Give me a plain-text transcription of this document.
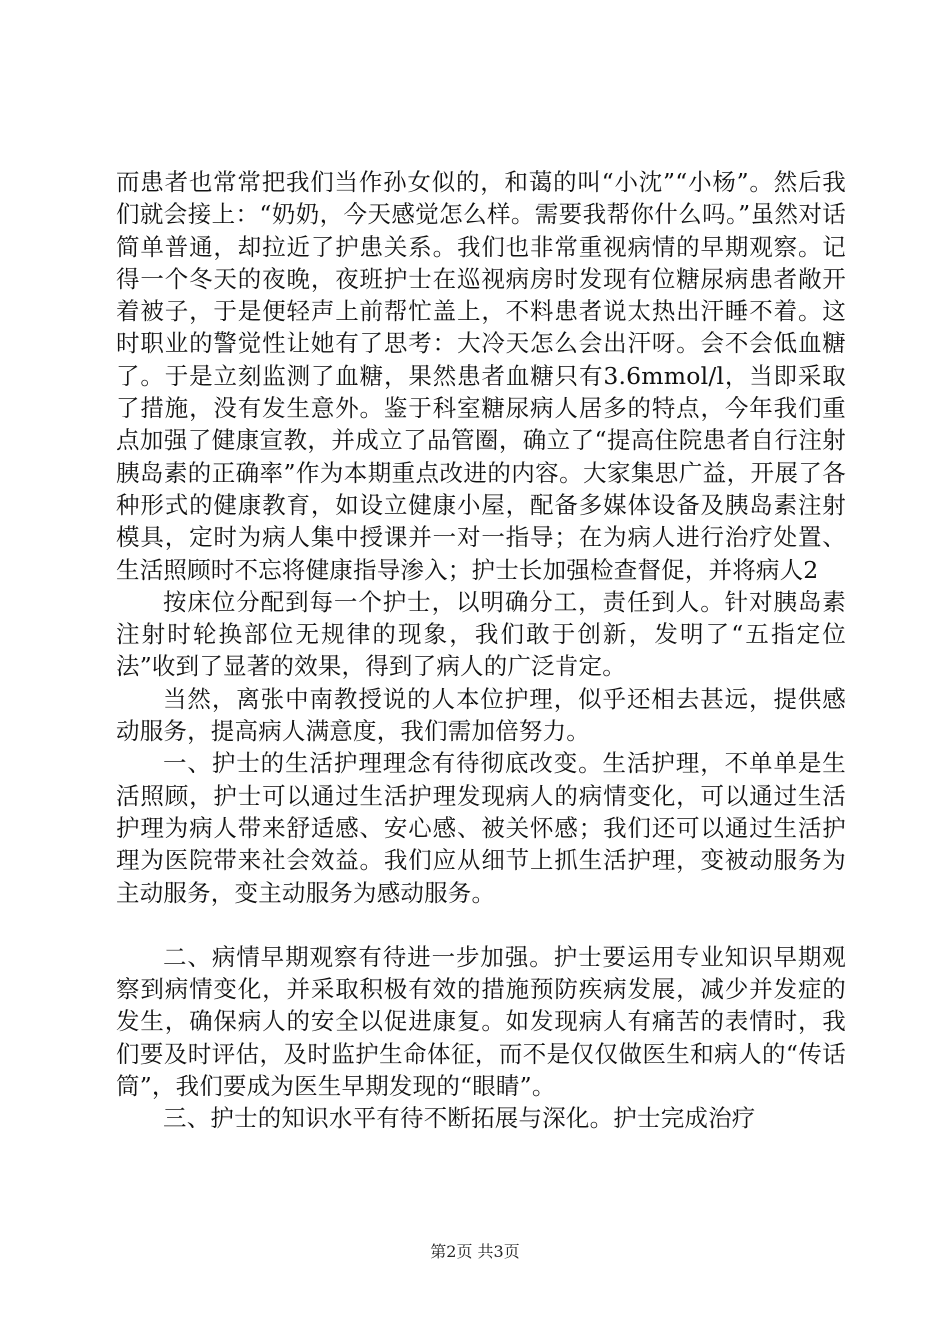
而患者也常常把我们当作孙女似的，和蔼的叫“小沈”“小杨”。然后我们就会接上：“奶奶，今天感觉怎么样。需要我帮你什么吗。”虽然对话简单普通，却拉近了护患关系。我们也非常重视病情的早期观察。记得一个冬天的夜晚，夜班护士在巡视病房时发现有位糖尿病患者敞开着被子，于是便轻声上前帮忙盖上，不料患者说太热出汗睡不着。这时职业的警觉性让她有了思考：大冷天怎么会出汗呀。会不会低血糖了。于是立刻监测了血糖，果然患者血糖只有3.6mmol/l，当即采取了措施，没有发生意外。鉴于科室糖尿病人居多的特点，今年我们重点加强了健康宣教，并成立了品管圈，确立了“提高住院患者自行注射胰岛素的正确率”作为本期重点改进的内容。大家集思广益，开展了各种形式的健康教育，如设立健康小屋，配备多媒体设备及胰岛素注射模具，定时为病人集中授课并一对一指导；在为病人进行治疗处置、生活照顾时不忘将健康指导渗入；护士长加强检查督促，并将病人2

按床位分配到每一个护士，以明确分工，责任到人。针对胰岛素注射时轮换部位无规律的现象，我们敢于创新，发明了“五指定位法”收到了显著的效果，得到了病人的广泛肯定。

当然，离张中南教授说的人本位护理，似乎还相去甚远，提供感动服务，提高病人满意度，我们需加倍努力。

一、护士的生活护理理念有待彻底改变。生活护理，不单单是生活照顾，护士可以通过生活护理发现病人的病情变化，可以通过生活护理为病人带来舒适感、安心感、被关怀感；我们还可以通过生活护理为医院带来社会效益。我们应从细节上抓生活护理，变被动服务为主动服务，变主动服务为感动服务。

二、病情早期观察有待进一步加强。护士要运用专业知识早期观察到病情变化，并采取积极有效的措施预防疾病发展，减少并发症的发生，确保病人的安全以促进康复。如发现病人有痛苦的表情时，我们要及时评估，及时监护生命体征，而不是仅仅做医生和病人的“传话筒”，我们要成为医生早期发现的“眼睛”。

三、护士的知识水平有待不断拓展与深化。护士完成治疗

第2页 共3页
